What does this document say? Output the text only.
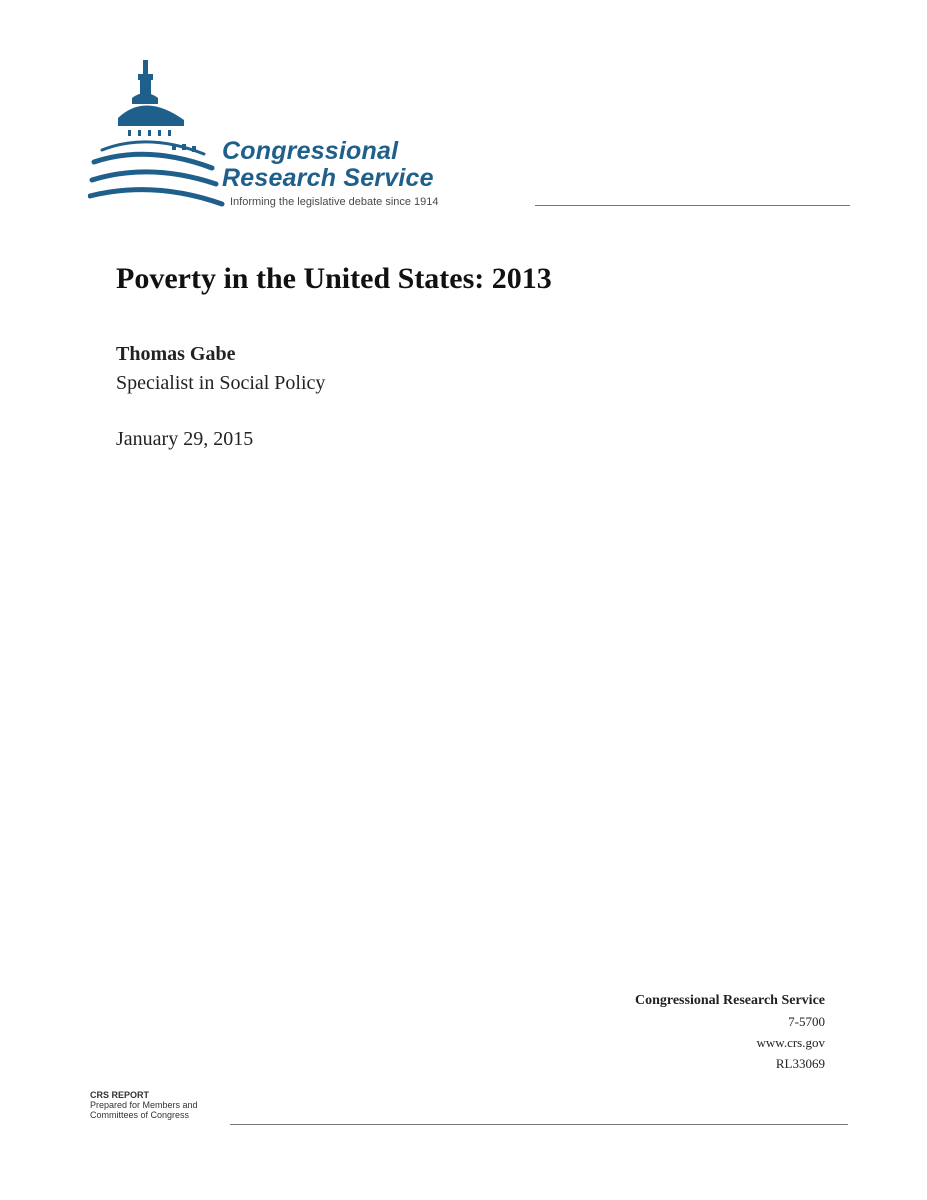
Congressional
Research Service
Informing the legislative debate since 1914
Poverty in the United States: 2013
Thomas Gabe
Specialist in Social Policy
January 29, 2015
Congressional Research Service
7-5700
www.crs.gov
RL33069
CRS REPORT
Prepared for Members and
Committees of Congress
